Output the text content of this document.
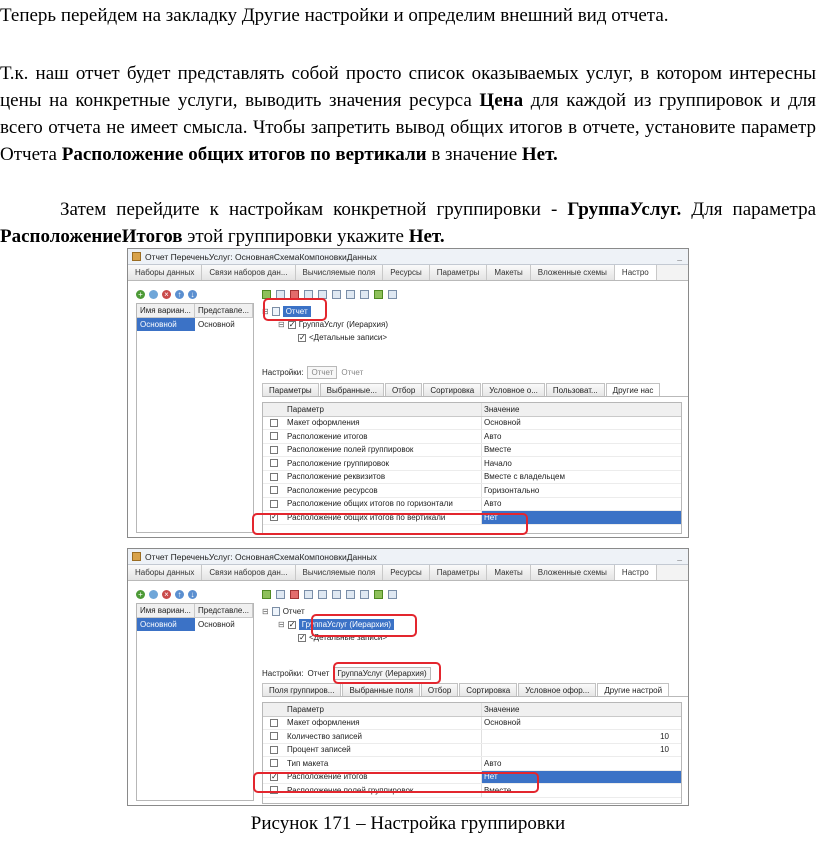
Теперь перейдем на закладку Другие настройки и определим внешний вид отчета.
Т.к. наш отчет будет представлять собой просто список оказываемых услуг, в котором интересны цены на конкретные услуги, выводить значения ресурса Цена для каждой из группировок и для всего отчета не имеет смысла. Чтобы запретить вывод общих итогов в отчете, установите параметр Отчета Расположение общих итогов по вертикали в значение Нет.
Затем перейдите к настройкам конкретной группировки - ГруппаУслуг. Для параметра РасположениеИтогов этой группировки укажите Нет.
Отчет ПереченьУслуг: ОсновнаяСхемаКомпоновкиДанных	_
Наборы данных	Связи наборов дан...	Вычисляемые поля	Ресурсы	Параметры	Макеты	Вложенные схемы	Настро
+	×	↑	↓
Имя вариан... Представле...
Основной	Основной
⊟	Отчет
⊟ ✓ ГруппаУслуг (Иерархия)
✓ <Детальные записи>
Настройки:	Отчет	Отчет
Параметры	Выбранные...	Отбор	Сортировка	Условное о...	Пользоват...	Другие нас
Параметр	Значение
Макет оформления	Основной
Расположение итогов	Авто
Расположение полей группировок	Вместе
Расположение группировок	Начало
Расположение реквизитов	Вместе с владельцем
Расположение ресурсов	Горизонтально
Расположение общих итогов по горизонтали	Авто
✓ Расположение общих итогов по вертикали	Нет
Отчет ПереченьУслуг: ОсновнаяСхемаКомпоновкиДанных	_
Наборы данных	Связи наборов дан...	Вычисляемые поля	Ресурсы	Параметры	Макеты	Вложенные схемы	Настро
+	×	↑	↓
Имя вариан... Представле...
Основной	Основной
⊟ Отчет
⊟ ✓ ГруппаУслуг (Иерархия)
✓ <Детальные записи>
Настройки: Отчет	ГруппаУслуг (Иерархия)
Поля группиров...	Выбранные поля	Отбор	Сортировка	Условное офор...	Другие настрой
Параметр	Значение
Макет оформления	Основной
Количество записей	10
Процент записей	10
Тип макета	Авто
✓ Расположение итогов	Нет
Расположение полей группировок	Вместе
Рисунок 171 – Настройка группировки
